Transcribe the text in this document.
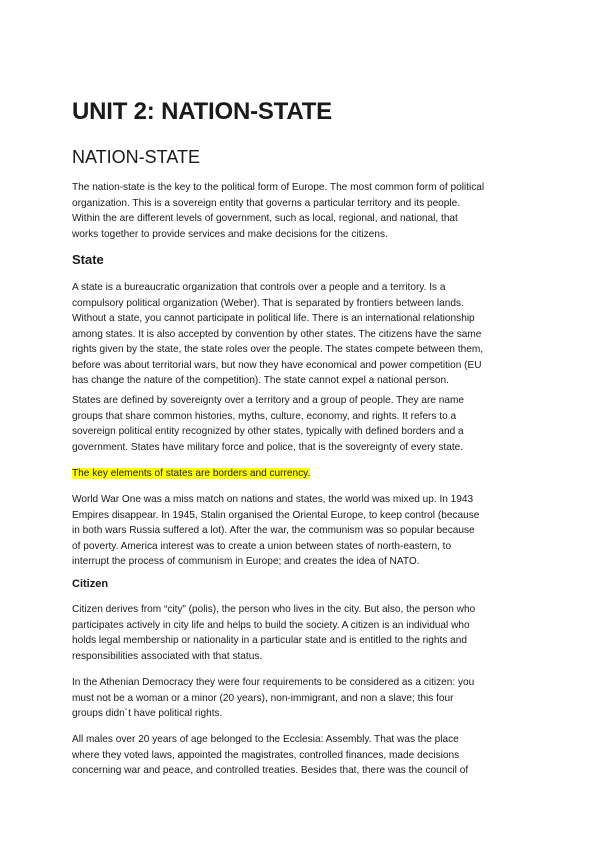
UNIT 2: NATION-STATE
NATION-STATE
The nation-state is the key to the political form of Europe. The most common form of political
organization. This is a sovereign entity that governs a particular territory and its people.
Within the are different levels of government, such as local, regional, and national, that
works together to provide services and make decisions for the citizens.
State
A state is a bureaucratic organization that controls over a people and a territory. Is a
compulsory political organization (Weber). That is separated by frontiers between lands.
Without a state, you cannot participate in political life. There is an international relationship
among states. It is also accepted by convention by other states. The citizens have the same
rights given by the state, the state roles over the people. The states compete between them,
before was about territorial wars, but now they have economical and power competition (EU
has change the nature of the competition). The state cannot expel a national person.
States are defined by sovereignty over a territory and a group of people. They are name
groups that share common histories, myths, culture, economy, and rights. It refers to a
sovereign political entity recognized by other states, typically with defined borders and a
government. States have military force and police, that is the sovereignty of every state.
The key elements of states are borders and currency.
World War One was a miss match on nations and states, the world was mixed up. In 1943
Empires disappear. In 1945, Stalin organised the Oriental Europe, to keep control (because
in both wars Russia suffered a lot). After the war, the communism was so popular because
of poverty. America interest was to create a union between states of north-eastern, to
interrupt the process of communism in Europe; and creates the idea of NATO.
Citizen
Citizen derives from “city” (polis), the person who lives in the city. But also, the person who
participates actively in city life and helps to build the society. A citizen is an individual who
holds legal membership or nationality in a particular state and is entitled to the rights and
responsibilities associated with that status.
In the Athenian Democracy they were four requirements to be considered as a citizen: you
must not be a woman or a minor (20 years), non-immigrant, and non a slave; this four
groups didn´t have political rights.
All males over 20 years of age belonged to the Ecclesia: Assembly. That was the place
where they voted laws, appointed the magistrates, controlled finances, made decisions
concerning war and peace, and controlled treaties. Besides that, there was the council of
